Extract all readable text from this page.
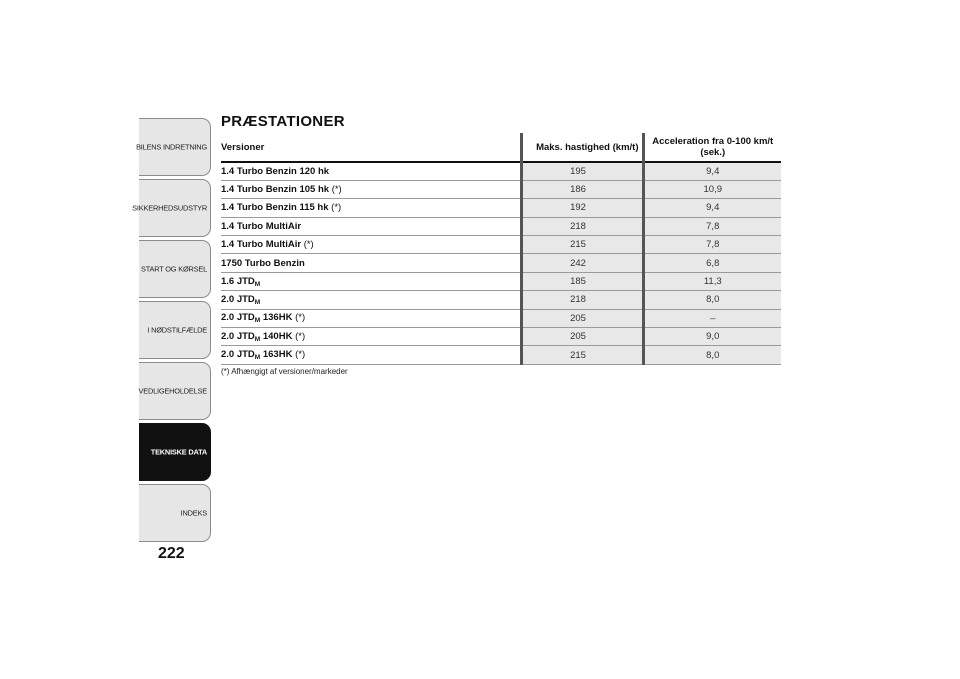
BILENS INDRETNING
SIKKERHEDSUDSTYR
START OG KØRSEL
I NØDSTILFÆLDE
VEDLIGEHOLDELSE
TEKNISKE DATA
INDEKS
222
PRÆSTATIONER
Versioner	Maks. hastighed (km/t)	Acceleration fra 0-100 km/t (sek.)
1.4 Turbo Benzin 120 hk	195	9,4
1.4 Turbo Benzin 105 hk (*)	186	10,9
1.4 Turbo Benzin 115 hk (*)	192	9,4
1.4 Turbo MultiAir	218	7,8
1.4 Turbo MultiAir (*)	215	7,8
1750 Turbo Benzin	242	6,8
1.6 $JTD_M$	185	11,3
2.0 $JTD_M$	218	8,0
2.0 $JTD_M$ 136HK (*)	205	–
2.0 $JTD_M$ 140HK (*)	205	9,0
2.0 $JTD_M$ 163HK (*)	215	8,0
(*) Afhængigt af versioner/markeder
